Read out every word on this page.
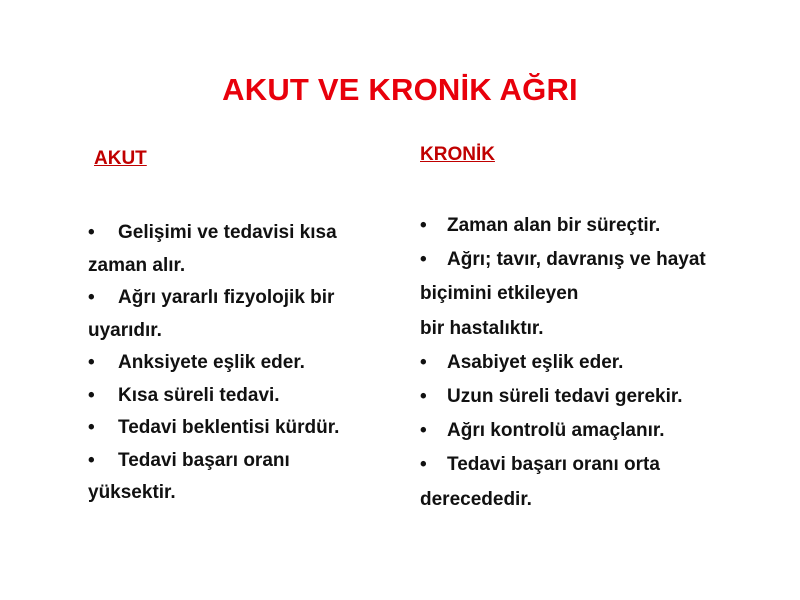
AKUT VE KRONİK AĞRI
AKUT
• Gelişimi ve tedavisi kısa
zaman alır.
• Ağrı yararlı fizyolojik bir
uyarıdır.
• Anksiyete eşlik eder.
• Kısa süreli tedavi.
• Tedavi beklentisi kürdür.
• Tedavi başarı oranı
yüksektir.
KRONİK
• Zaman alan bir süreçtir.
• Ağrı; tavır, davranış ve hayat
biçimini etkileyen
bir hastalıktır.
• Asabiyet eşlik eder.
• Uzun süreli tedavi gerekir.
• Ağrı kontrolü amaçlanır.
• Tedavi başarı oranı orta
derecededir.
